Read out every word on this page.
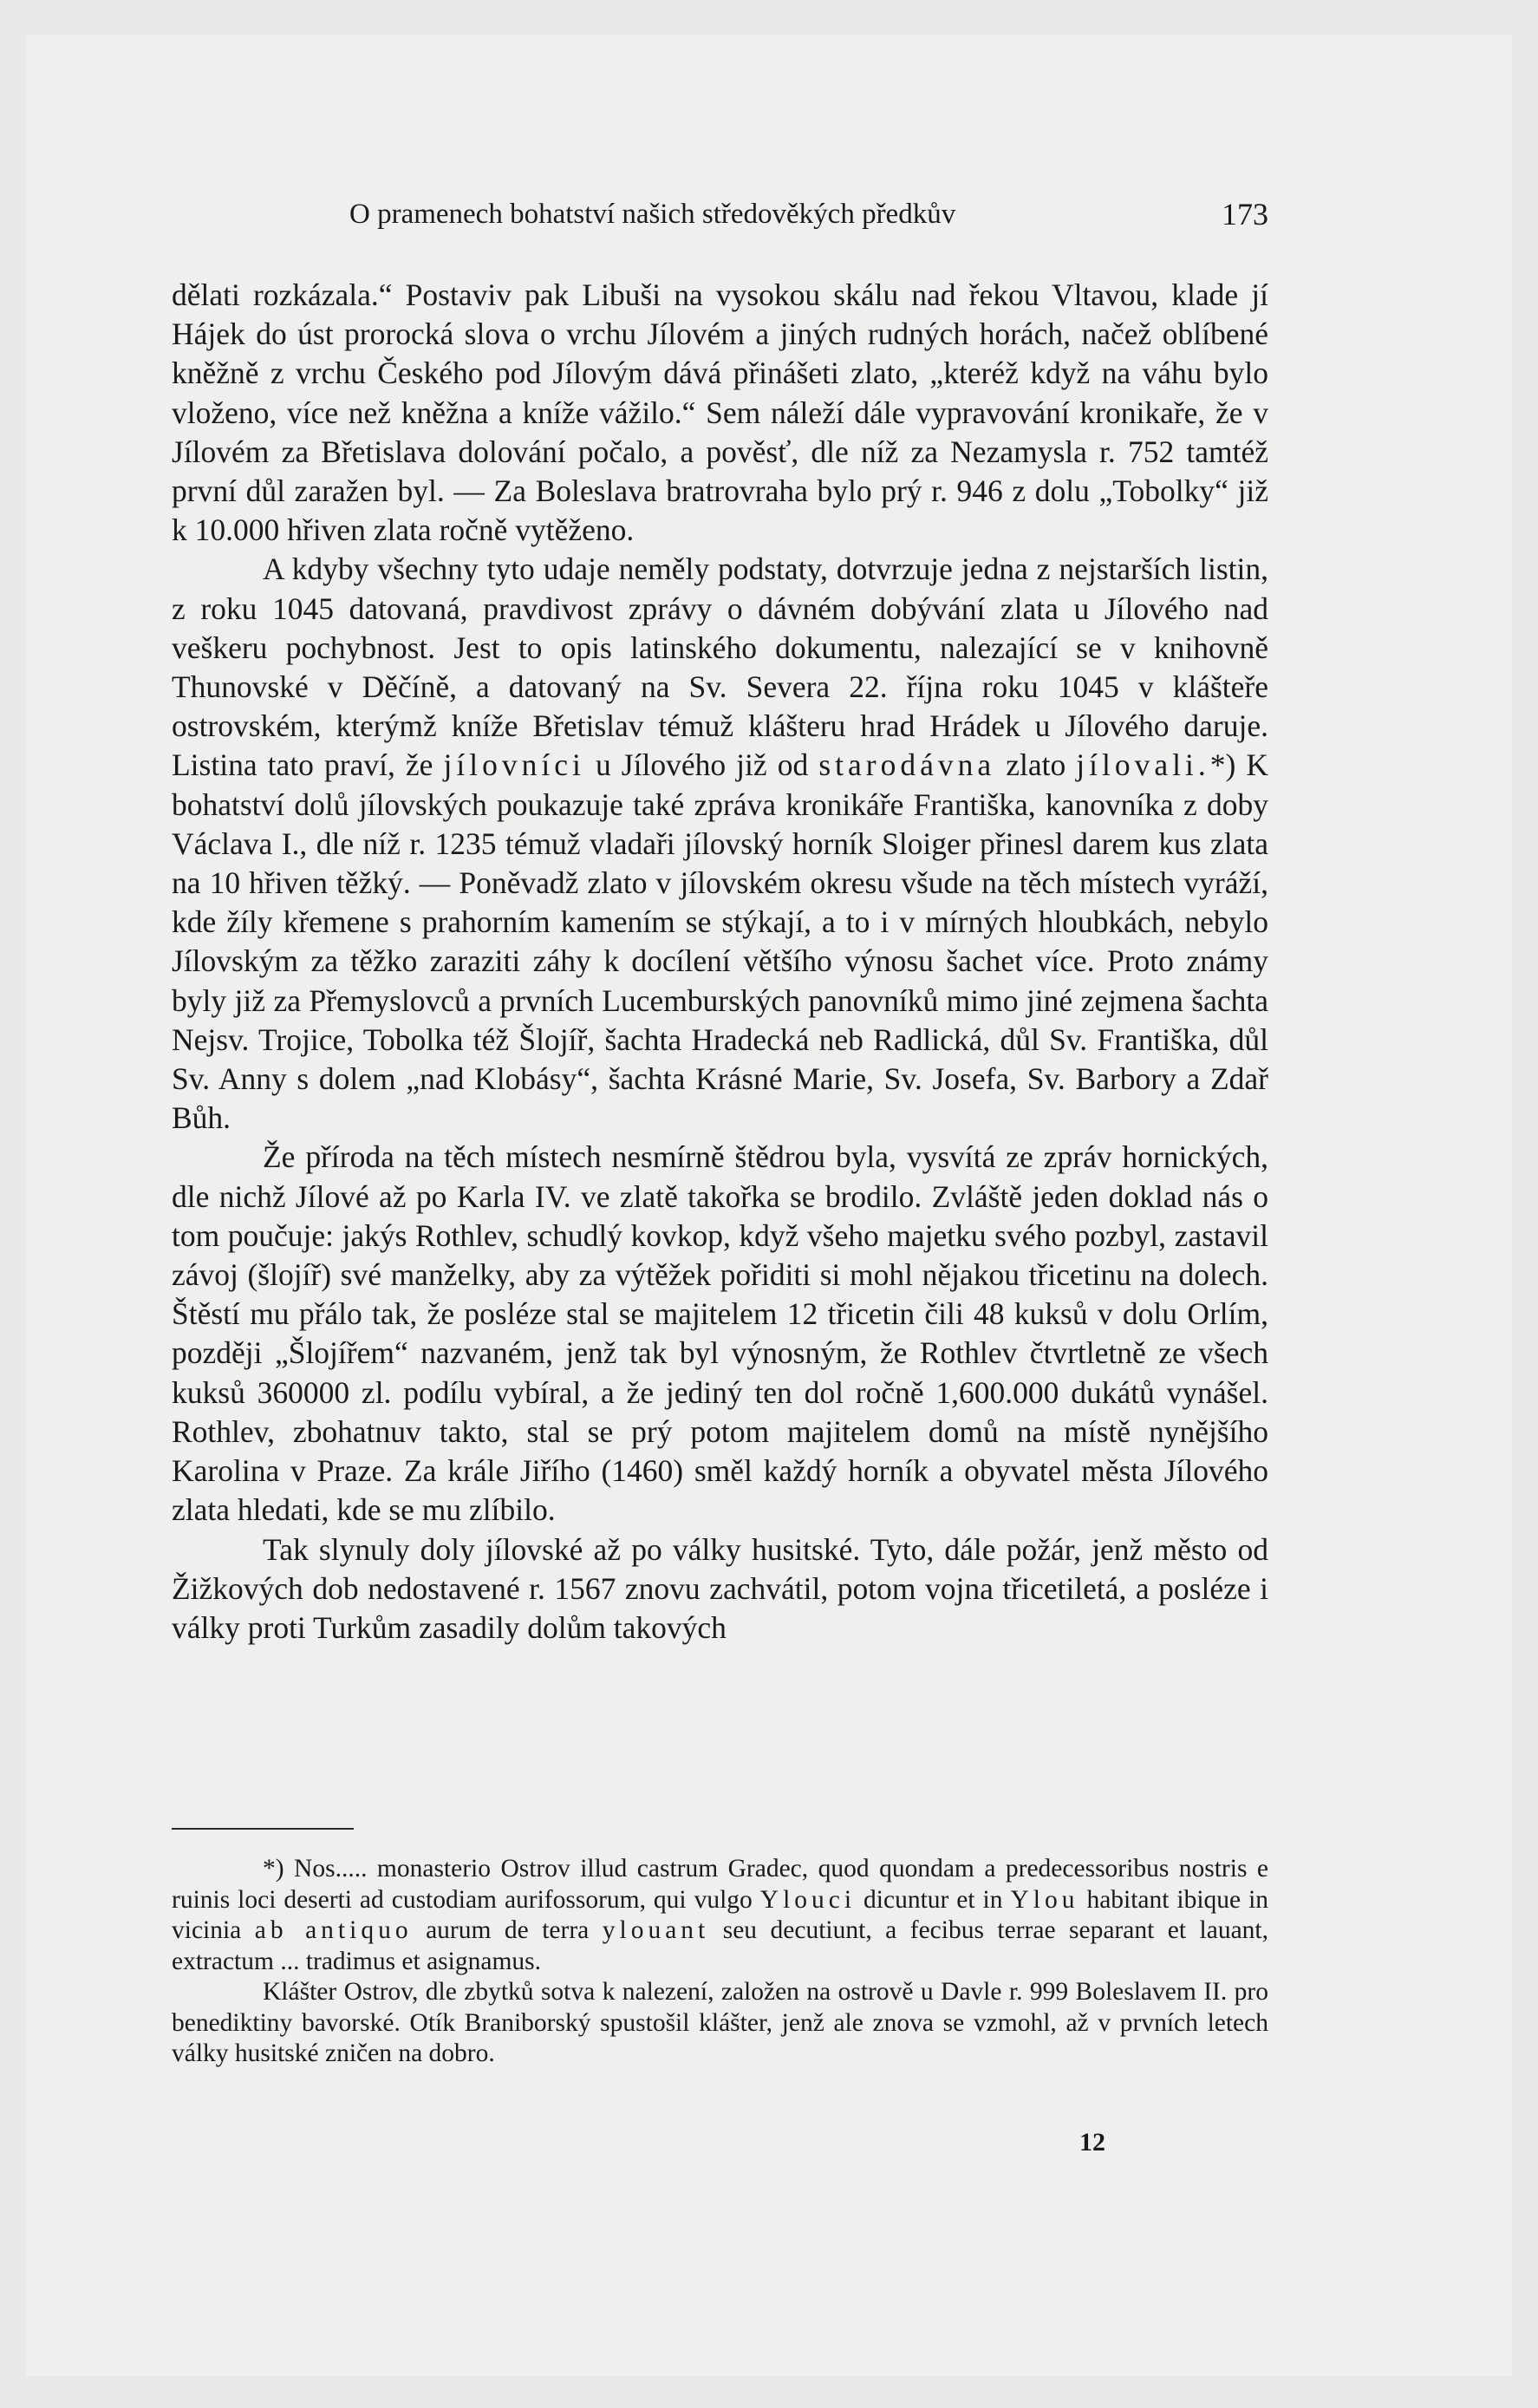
O pramenech bohatství našich středověkých předkův	173

dělati rozkázala.“ Postaviv pak Libuši na vysokou skálu nad řekou Vltavou, klade jí Hájek do úst prorocká slova o vrchu Jílovém a jiných rudných horách, načež oblíbené kněžně z vrchu Českého pod Jílovým dává přinášeti zlato, „kteréž když na váhu bylo vloženo, více než kněžna a kníže vážilo.“ Sem náleží dále vypravování kronikaře, že v Jílovém za Břetislava dolování počalo, a pověsť, dle níž za Nezamysla r. 752 tamtéž první důl zaražen byl. — Za Boleslava bratrovraha bylo prý r. 946 z dolu „Tobolky“ již k 10.000 hřiven zlata ročně vytěženo.

A kdyby všechny tyto udaje neměly podstaty, dotvrzuje jedna z nejstarších listin, z roku 1045 datovaná, pravdivost zprávy o dávném dobývání zlata u Jílového nad veškeru pochybnost. Jest to opis latinského dokumentu, nalezající se v knihovně Thunovské v Děčíně, a datovaný na Sv. Severa 22. října roku 1045 v klášteře ostrovském, kterýmž kníže Břetislav témuž klášteru hrad Hrádek u Jílového daruje. Listina tato praví, že jílovníci u Jílového již od starodávna zlato jílovali.*) K bohatství dolů jílovských poukazuje také zpráva kronikáře Františka, kanovníka z doby Václava I., dle níž r. 1235 témuž vladaři jílovský horník Sloiger přinesl darem kus zlata na 10 hřiven těžký. — Poněvadž zlato v jílovském okresu všude na těch místech vyráží, kde žíly křemene s prahorním kamením se stýkají, a to i v mírných hloubkách, nebylo Jílovským za těžko zaraziti záhy k docílení většího výnosu šachet více. Proto známy byly již za Přemyslovců a prvních Lucemburských panovníků mimo jiné zejmena šachta Nejsv. Trojice, Tobolka též Šlojíř, šachta Hradecká neb Radlická, důl Sv. Františka, důl Sv. Anny s dolem „nad Klobásy“, šachta Krásné Marie, Sv. Josefa, Sv. Barbory a Zdař Bůh.

Že příroda na těch místech nesmírně štědrou byla, vysvítá ze zpráv hornických, dle nichž Jílové až po Karla IV. ve zlatě takořka se brodilo. Zvláště jeden doklad nás o tom poučuje: jakýs Rothlev, schudlý kovkop, když všeho majetku svého pozbyl, zastavil závoj (šlojíř) své manželky, aby za výtěžek pořiditi si mohl nějakou třicetinu na dolech. Štěstí mu přálo tak, že posléze stal se majitelem 12 třicetin čili 48 kuksů v dolu Orlím, později „Šlojířem“ nazvaném, jenž tak byl výnosným, že Rothlev čtvrtletně ze všech kuksů 360000 zl. podílu vybíral, a že jediný ten dol ročně 1,600.000 dukátů vynášel. Rothlev, zbohatnuv takto, stal se prý potom majitelem domů na místě nynějšího Karolina v Praze. Za krále Jiřího (1460) směl každý horník a obyvatel města Jílového zlata hledati, kde se mu zlíbilo.

Tak slynuly doly jílovské až po války husitské. Tyto, dále požár, jenž město od Žižkových dob nedostavené r. 1567 znovu zachvátil, potom vojna třicetiletá, a posléze i války proti Turkům zasadily dolům takových

*) Nos..... monasterio Ostrov illud castrum Gradec, quod quondam a predecessoribus nostris e ruinis loci deserti ad custodiam aurifossorum, qui vulgo Ylouci dicuntur et in Ylou habitant ibique in vicinia ab antiquo aurum de terra ylouant seu decutiunt, a fecibus terrae separant et lauant, extractum ... tradimus et asignamus.

Klášter Ostrov, dle zbytků sotva k nalezení, založen na ostrově u Davle r. 999 Boleslavem II. pro benediktiny bavorské. Otík Braniborský spustošil klášter, jenž ale znova se vzmohl, až v prvních letech války husitské zničen na dobro.

12
